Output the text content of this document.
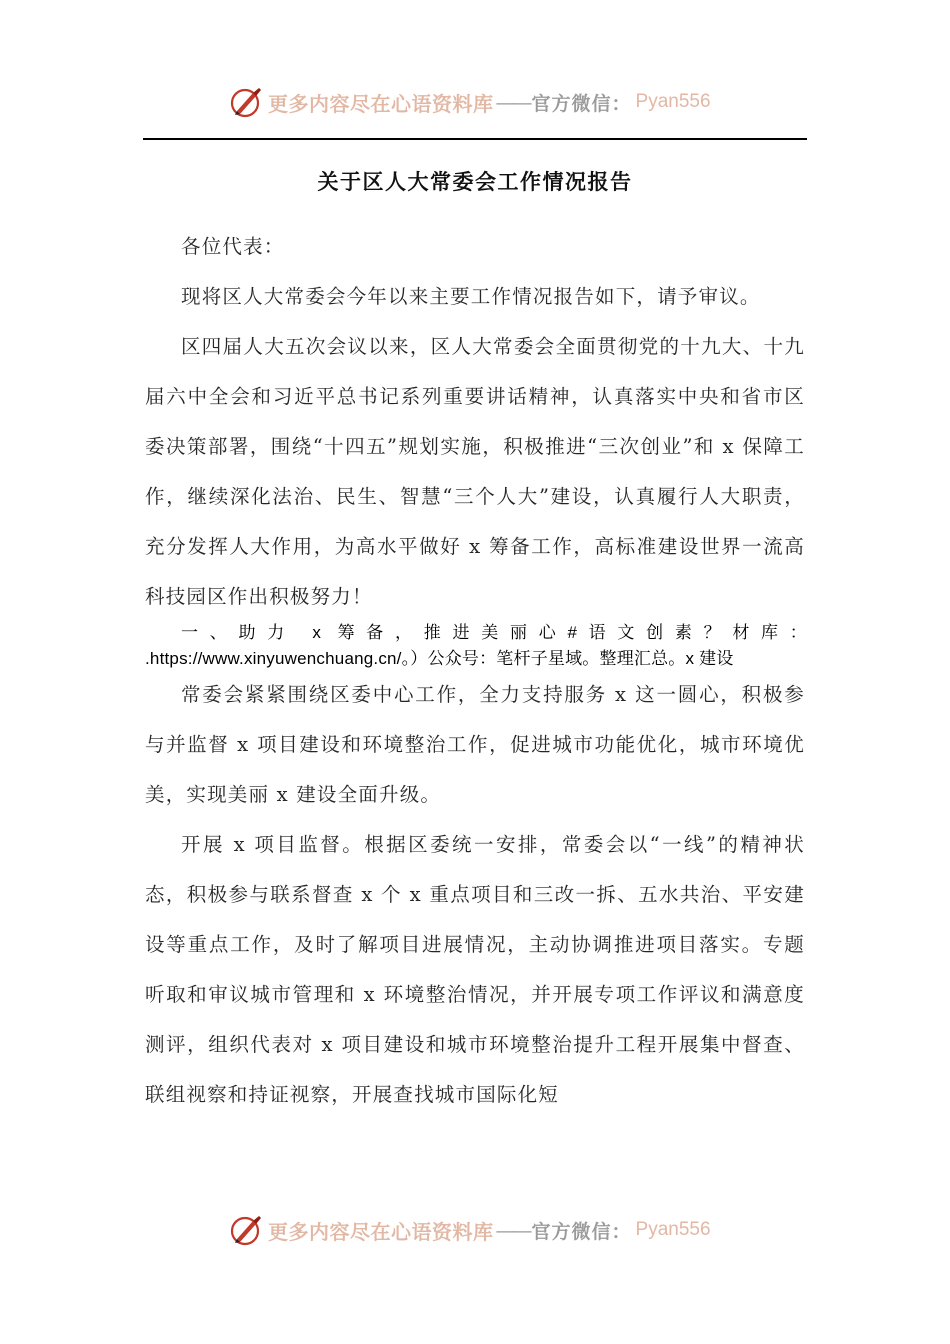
更多内容尽在心语资料库 —— 官方微信： Pyan556
关于区人大常委会工作情况报告
各位代表：
现将区人大常委会今年以来主要工作情况报告如下，请予审议。
区四届人大五次会议以来，区人大常委会全面贯彻党的十九大、十九届六中全会和习近平总书记系列重要讲话精神，认真落实中央和省市区委决策部署，围绕“十四五”规划实施，积极推进“三次创业”和 x 保障工作，继续深化法治、民生、智慧“三个人大”建设，认真履行人大职责，充分发挥人大作用，为高水平做好 x 筹备工作，高标准建设世界一流高科技园区作出积极努力！
一、助力 x 筹备，推进美丽心#语文创素？材库： .https://www.xinyuwenchuang.cn/。）公众号：笔杆子星域。整理汇总。x 建设
常委会紧紧围绕区委中心工作，全力支持服务 x 这一圆心，积极参与并监督 x 项目建设和环境整治工作，促进城市功能优化，城市环境优美，实现美丽 x 建设全面升级。
开展 x 项目监督。根据区委统一安排，常委会以“一线”的精神状态，积极参与联系督查 x 个 x 重点项目和三改一拆、五水共治、平安建设等重点工作，及时了解项目进展情况，主动协调推进项目落实。专题听取和审议城市管理和 x 环境整治情况，并开展专项工作评议和满意度测评，组织代表对 x 项目建设和城市环境整治提升工程开展集中督查、联组视察和持证视察，开展查找城市国际化短
更多内容尽在心语资料库 —— 官方微信： Pyan556
